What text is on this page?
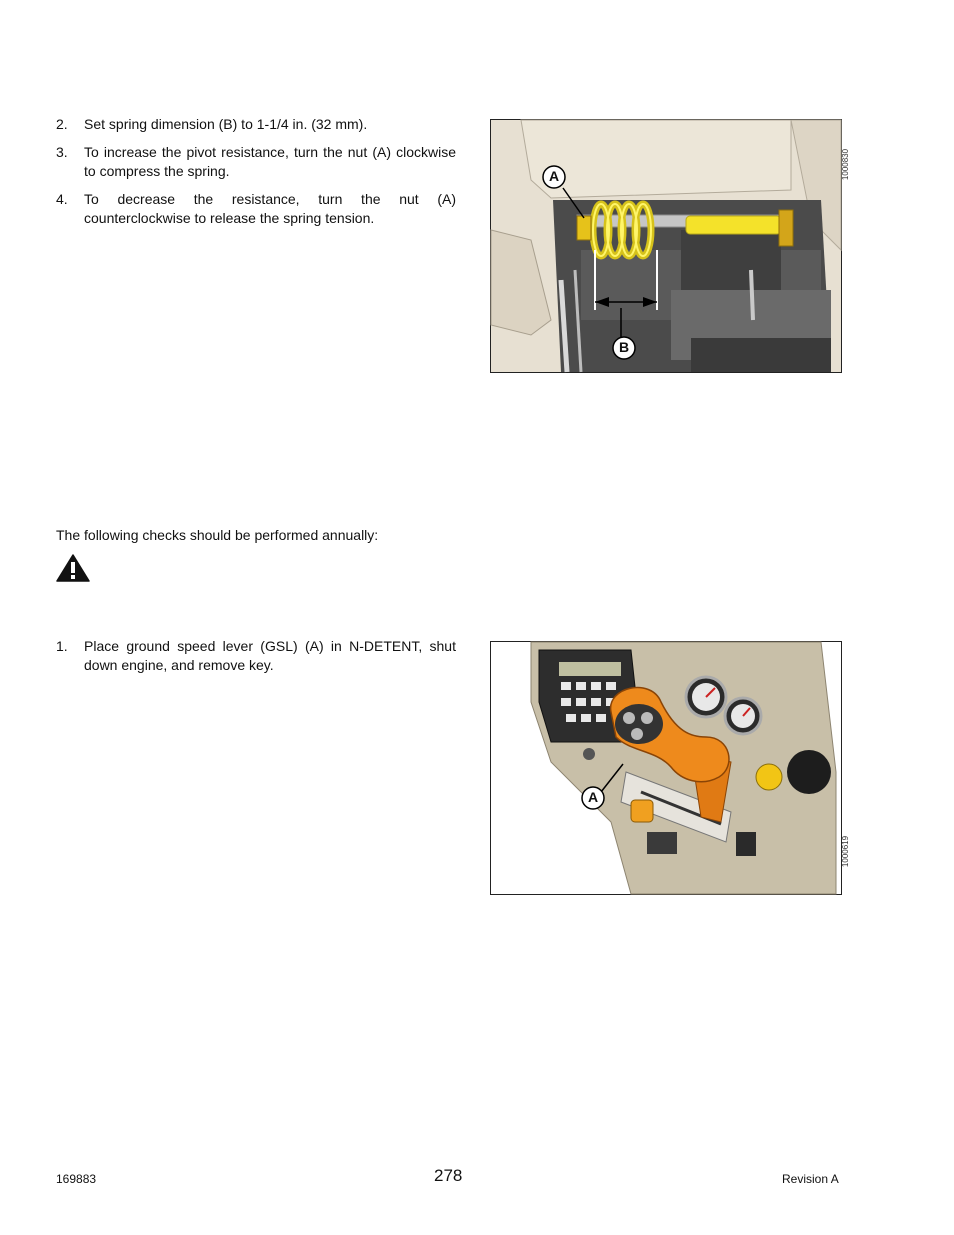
2. Set spring dimension (B) to 1-1/4 in. (32 mm).
3. To increase the pivot resistance, turn the nut (A) clockwise to compress the spring.
4. To decrease the resistance, turn the nut (A) counterclockwise to release the spring tension.
A
B
1000830
The following checks should be performed annually:
1. Place ground speed lever (GSL) (A) in N-DETENT, shut down engine, and remove key.
A
1000619
169883	278	Revision A
